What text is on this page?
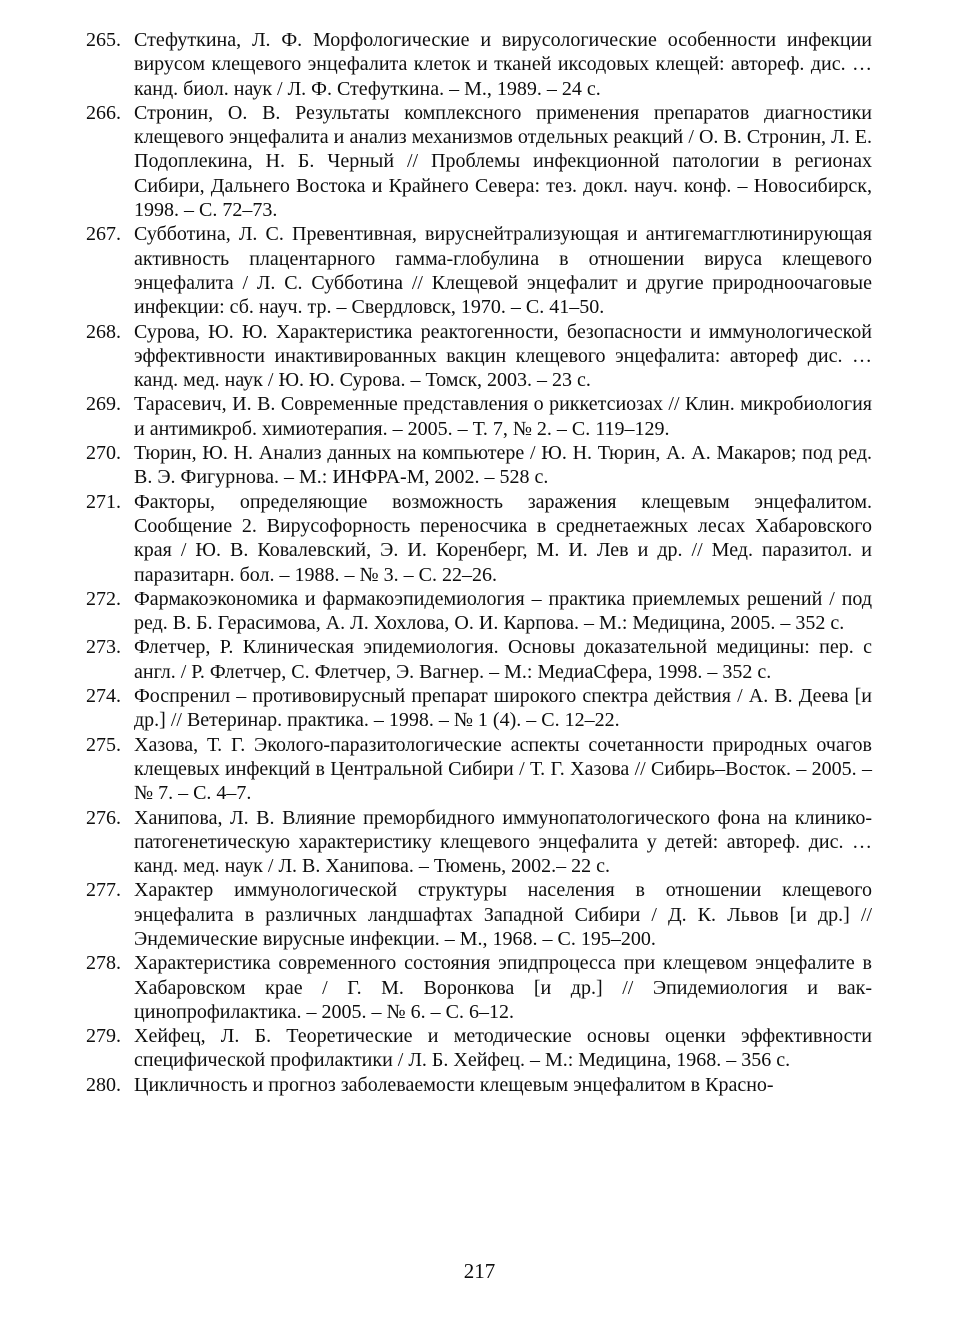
265. Стефуткина, Л. Ф. Морфологические и вирусологические особенности инфекции вирусом клещевого энцефалита клеток и тканей иксодовых клещей: автореф. дис. … канд. биол. наук / Л. Ф. Стефуткина. – М., 1989. – 24 с.
266. Стронин, О. В. Результаты комплексного применения препаратов диагностики клещевого энцефалита и анализ механизмов отдельных реакций / О. В. Стронин, Л. Е. Подоплекина, Н. Б. Черный // Проблемы инфекционной патологии в регионах Сибири, Дальнего Востока и Крайнего Севера: тез. докл. науч. конф. – Новосибирск, 1998. – С. 72–73.
267. Субботина, Л. С. Превентивная, вируснейтрализующая и антигемагглютинирующая активность плацентарного гамма-глобулина в отношении вируса клещевого энцефалита / Л. С. Субботина // Клещевой энцефалит и другие природноочаговые инфекции: сб. науч. тр. – Свердловск, 1970. – С. 41–50.
268. Сурова, Ю. Ю. Характеристика реактогенности, безопасности и иммунологической эффективности инактивированных вакцин клещевого энцефалита: автореф дис. … канд. мед. наук / Ю. Ю. Сурова. – Томск, 2003. – 23 с.
269. Тарасевич, И. В. Современные представления о риккетсиозах // Клин. микробиология и антимикроб. химиотерапия. – 2005. – Т. 7, № 2. – С. 119–129.
270. Тюрин, Ю. Н. Анализ данных на компьютере / Ю. Н. Тюрин, А. А. Макаров; под ред. В. Э. Фигурнова. – М.: ИНФРА-М, 2002. – 528 с.
271. Факторы, определяющие возможность заражения клещевым энцефалитом. Сообщение 2. Вирусофорность переносчика в среднетаежных лесах Хабаровского края / Ю. В. Ковалевский, Э. И. Коренберг, М. И. Лев и др. // Мед. паразитол. и паразитарн. бол. – 1988. – № 3. – С. 22–26.
272. Фармакоэкономика и фармакоэпидемиология – практика приемлемых решений / под ред. В. Б. Герасимова, А. Л. Хохлова, О. И. Карпова. – М.: Медицина, 2005. – 352 с.
273. Флетчер, Р. Клиническая эпидемиология. Основы доказательной медицины: пер. с англ. / Р. Флетчер, С. Флетчер, Э. Вагнер. – М.: МедиаСфера, 1998. – 352 с.
274. Фоспренил – противовирусный препарат широкого спектра действия / А. В. Деева [и др.] // Ветеринар. практика. – 1998. – № 1 (4). – С. 12–22.
275. Хазова, Т. Г. Эколого-паразитологические аспекты сочетанности природных очагов клещевых инфекций в Центральной Сибири / Т. Г. Хазова // Сибирь–Восток. – 2005. – № 7. – С. 4–7.
276. Ханипова, Л. В. Влияние преморбидного иммунопатологического фона на клинико-патогенетическую характеристику клещевого энцефалита у детей: автореф. дис. … канд. мед. наук / Л. В. Ханипова. – Тюмень, 2002.– 22 с.
277. Характер иммунологической структуры населения в отношении клещевого энцефалита в различных ландшафтах Западной Сибири / Д. К. Львов [и др.] // Эндемические вирусные инфекции. – М., 1968. – С. 195–200.
278. Характеристика современного состояния эпидпроцесса при клещевом энцефалите в Хабаровском крае / Г. М. Воронкова [и др.] // Эпидемиология и вакцинопрофилактика. – 2005. – № 6. – С. 6–12.
279. Хейфец, Л. Б. Теоретические и методические основы оценки эффективности специфической профилактики / Л. Б. Хейфец. – М.: Медицина, 1968. – 356 с.
280. Цикличность и прогноз заболеваемости клещевым энцефалитом в Красно-
217
